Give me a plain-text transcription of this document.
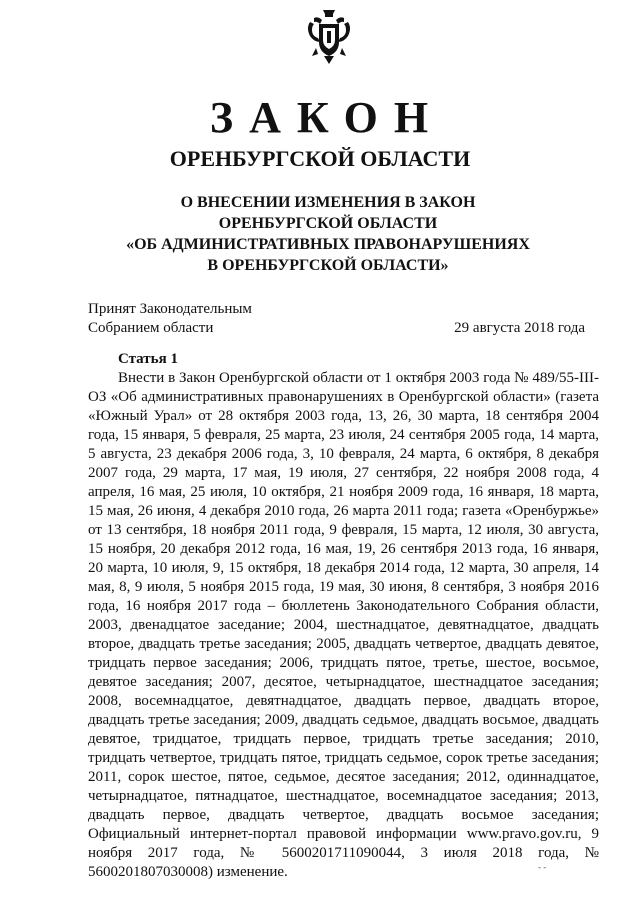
ЗАКОН
ОРЕНБУРГСКОЙ ОБЛАСТИ
О ВНЕСЕНИИ ИЗМЕНЕНИЯ В ЗАКОН
ОРЕНБУРГСКОЙ ОБЛАСТИ
«ОБ АДМИНИСТРАТИВНЫХ ПРАВОНАРУШЕНИЯХ
В ОРЕНБУРГСКОЙ ОБЛАСТИ»
Принят Законодательным
Собранием области	29 августа 2018 года
Статья 1
Внести в Закон Оренбургской области от 1 октября 2003 года № 489/55-III-ОЗ «Об административных правонарушениях в Оренбургской области» (газета «Южный Урал» от 28 октября 2003 года, 13, 26, 30 марта, 18 сентября 2004 года, 15 января, 5 февраля, 25 марта, 23 июля, 24 сентября 2005 года, 14 марта, 5 августа, 23 декабря 2006 года, 3, 10 февраля, 24 марта, 6 октября, 8 декабря 2007 года, 29 марта, 17 мая, 19 июля, 27 сентября, 22 ноября 2008 года, 4 апреля, 16 мая, 25 июля, 10 октября, 21 ноября 2009 года, 16 января, 18 марта, 15 мая, 26 июня, 4 декабря 2010 года, 26 марта 2011 года; газета «Оренбуржье» от 13 сентября, 18 ноября 2011 года, 9 февраля, 15 марта, 12 июля, 30 августа, 15 ноября, 20 декабря 2012 года, 16 мая, 19, 26 сентября 2013 года, 16 января, 20 марта, 10 июля, 9, 15 октября, 18 декабря 2014 года, 12 марта, 30 апреля, 14 мая, 8, 9 июля, 5 ноября 2015 года, 19 мая, 30 июня, 8 сентября, 3 ноября 2016 года, 16 ноября 2017 года – бюллетень Законодательного Собрания области, 2003, двенадцатое заседание; 2004, шестнадцатое, девятнадцатое, двадцать второе, двадцать третье заседания; 2005, двадцать четвертое, двадцать девятое, тридцать первое заседания; 2006, тридцать пятое, третье, шестое, восьмое, девятое заседания; 2007, десятое, четырнадцатое, шестнадцатое заседания; 2008, восемнадцатое, девятнадцатое, двадцать первое, двадцать второе, двадцать третье заседания; 2009, двадцать седьмое, двадцать восьмое, двадцать девятое, тридцатое, тридцать первое, тридцать третье заседания; 2010, тридцать четвертое, тридцать пятое, тридцать седьмое, сорок третье заседания; 2011, сорок шестое, пятое, седьмое, десятое заседания; 2012, одиннадцатое, четырнадцатое, пятнадцатое, шестнадцатое, восемнадцатое заседания; 2013, двадцать первое, двадцать четвертое, двадцать восьмое заседания; Официальный интернет-портал правовой информации www.pravo.gov.ru, 9 ноября 2017 года, № 5600201711090044, 3 июля 2018 года, № 5600201807030008) изменение.	- -
